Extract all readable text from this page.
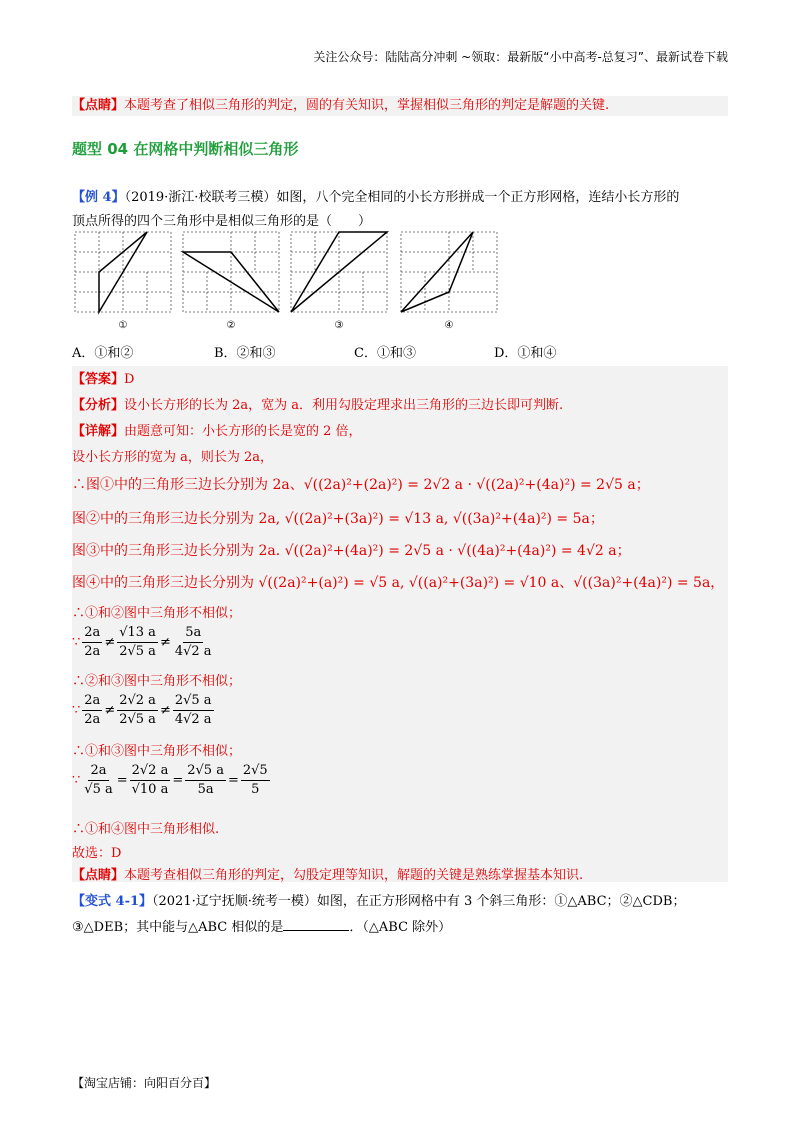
关注公众号：陆陆高分冲刺 ~领取：最新版“小中高考-总复习”、最新试卷下载
【点睛】本题考查了相似三角形的判定，圆的有关知识，掌握相似三角形的判定是解题的关键.
题型 04 在网格中判断相似三角形
【例 4】（2019·浙江·校联考三模）如图，八个完全相同的小长方形拼成一个正方形网格，连结小长方形的
顶点所得的四个三角形中是相似三角形的是（　　）
①	②	③	④
A．①和②	B．②和③	C．①和③	D．①和④
【答案】D
【分析】设小长方形的长为 2a，宽为 a．利用勾股定理求出三角形的三边长即可判断.
【详解】由题意可知：小长方形的长是宽的 2 倍，
设小长方形的宽为 a，则长为 2a，
∴图①中的三角形三边长分别为 2a、√((2a)²+(2a)²) = 2√2 a · √((2a)²+(4a)²) = 2√5 a；
图②中的三角形三边长分别为 2a, √((2a)²+(3a)²) = √13 a, √((3a)²+(4a)²) = 5a；
图③中的三角形三边长分别为 2a. √((2a)²+(4a)²) = 2√5 a · √((4a)²+(4a)²) = 4√2 a；
图④中的三角形三边长分别为 √((2a)²+(a)²) = √5 a, √((a)²+(3a)²) = √10 a、√((3a)²+(4a)²) = 5a，
∴①和②图中三角形不相似；
∵ $\frac{2a}{2a} \ne \frac{√13 a}{2√5 a} \ne \frac{5a}{4√2 a}$
∴②和③图中三角形不相似；
∵ $\frac{2a}{2a} \ne \frac{2√2 a}{2√5 a} \ne \frac{2√5 a}{4√2 a}$
∴①和③图中三角形不相似；
∵ $\frac{2a}{√5 a} = \frac{2√2 a}{√10 a} = \frac{2√5 a}{5a} = \frac{2√5}{5}$
∴①和④图中三角形相似.
故选：D
【点睛】本题考查相似三角形的判定，勾股定理等知识，解题的关键是熟练掌握基本知识.
【变式 4-1】（2021·辽宁抚顺·统考一模）如图，在正方形网格中有 3 个斜三角形：①△ABC；②△CDB；
③△DEB；其中能与△ABC 相似的是	．（△ABC 除外）
【淘宝店铺：向阳百分百】
